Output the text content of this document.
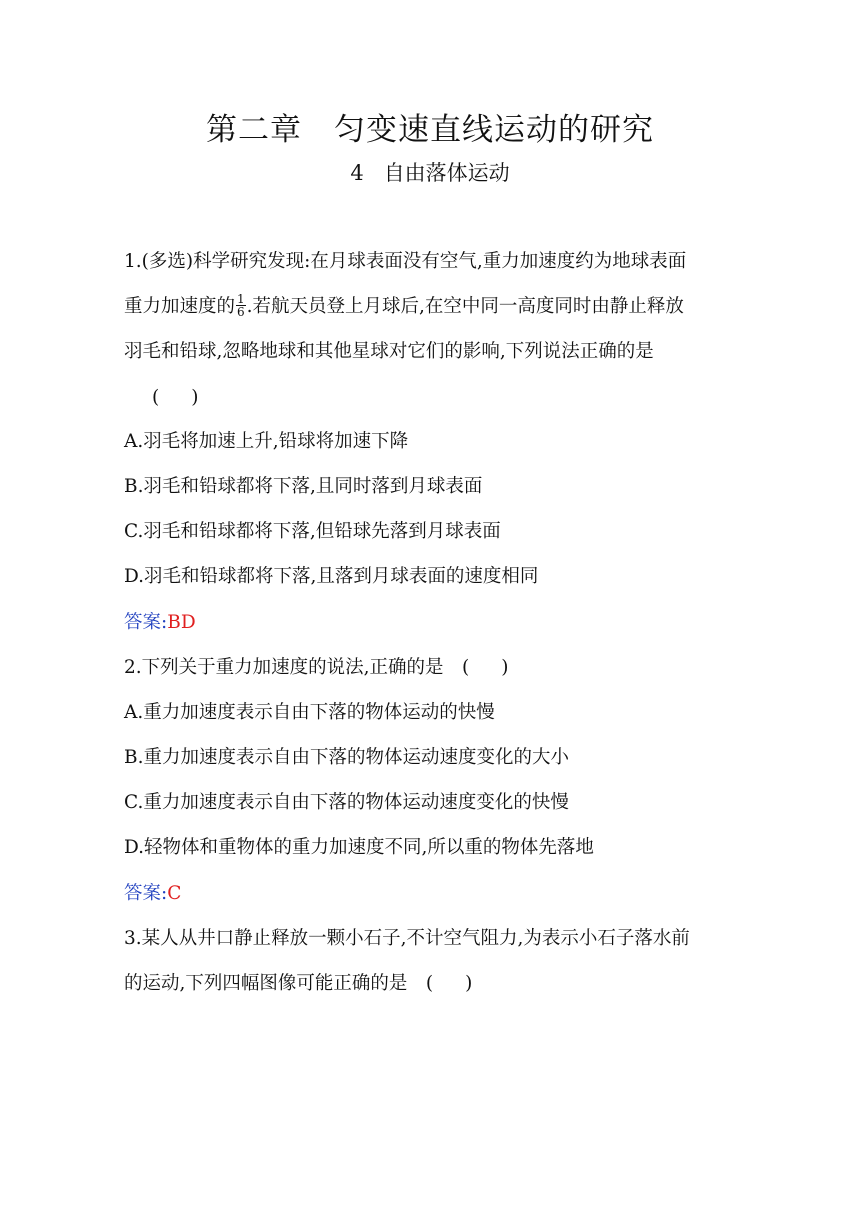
第二章　匀变速直线运动的研究
4 自由落体运动
1.(多选)科学研究发现:在月球表面没有空气,重力加速度约为地球表面
重力加速度的 $\frac{1}{6}$ .若航天员登上月球后,在空中同一高度同时由静止释放
羽毛和铅球,忽略地球和其他星球对它们的影响,下列说法正确的是
( )
A.羽毛将加速上升,铅球将加速下降
B.羽毛和铅球都将下落,且同时落到月球表面
C.羽毛和铅球都将下落,但铅球先落到月球表面
D.羽毛和铅球都将下落,且落到月球表面的速度相同
答案:BD
2.下列关于重力加速度的说法,正确的是　( )
A.重力加速度表示自由下落的物体运动的快慢
B.重力加速度表示自由下落的物体运动速度变化的大小
C.重力加速度表示自由下落的物体运动速度变化的快慢
D.轻物体和重物体的重力加速度不同,所以重的物体先落地
答案:C
3.某人从井口静止释放一颗小石子,不计空气阻力,为表示小石子落水前
的运动,下列四幅图像可能正确的是　( )
